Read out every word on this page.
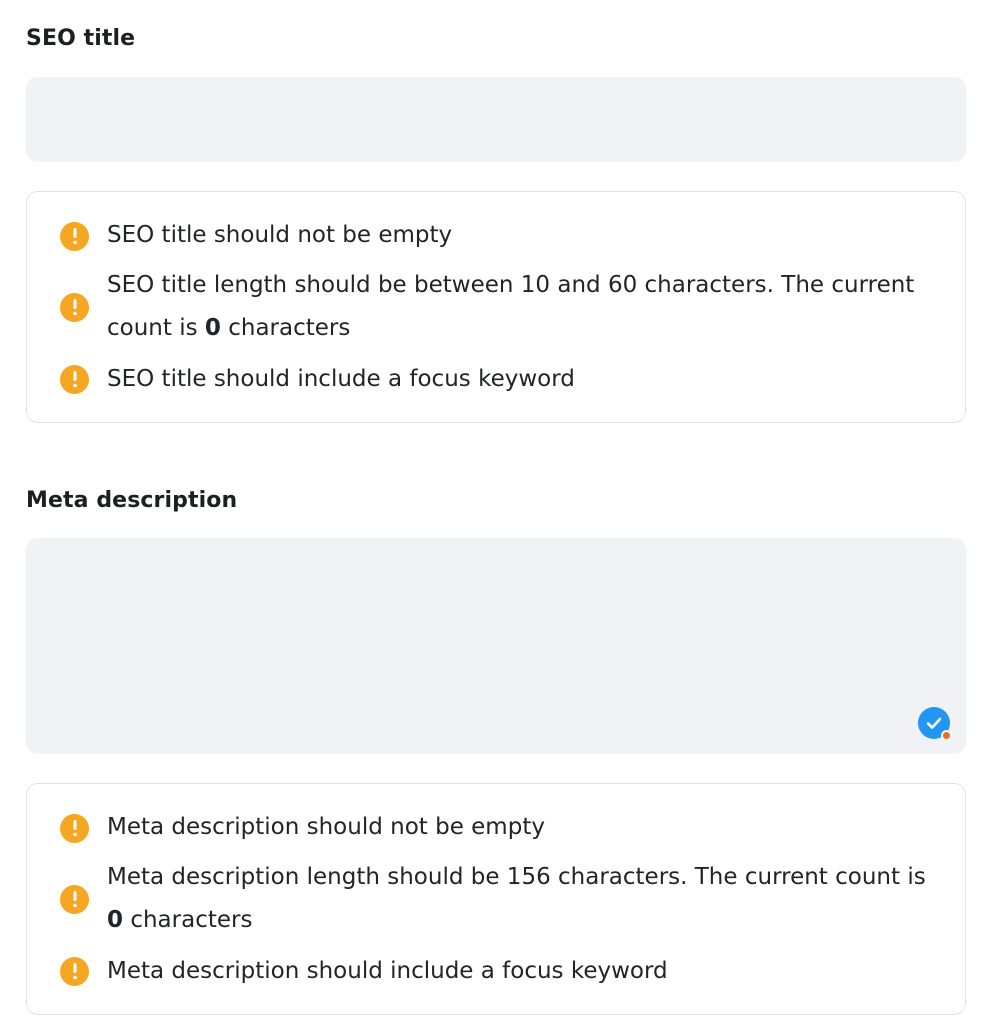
SEO title
SEO title should not be empty
SEO title length should be between 10 and 60 characters. The current count is 0 characters
SEO title should include a focus keyword
Meta description
Meta description should not be empty
Meta description length should be 156 characters. The current count is 0 characters
Meta description should include a focus keyword
